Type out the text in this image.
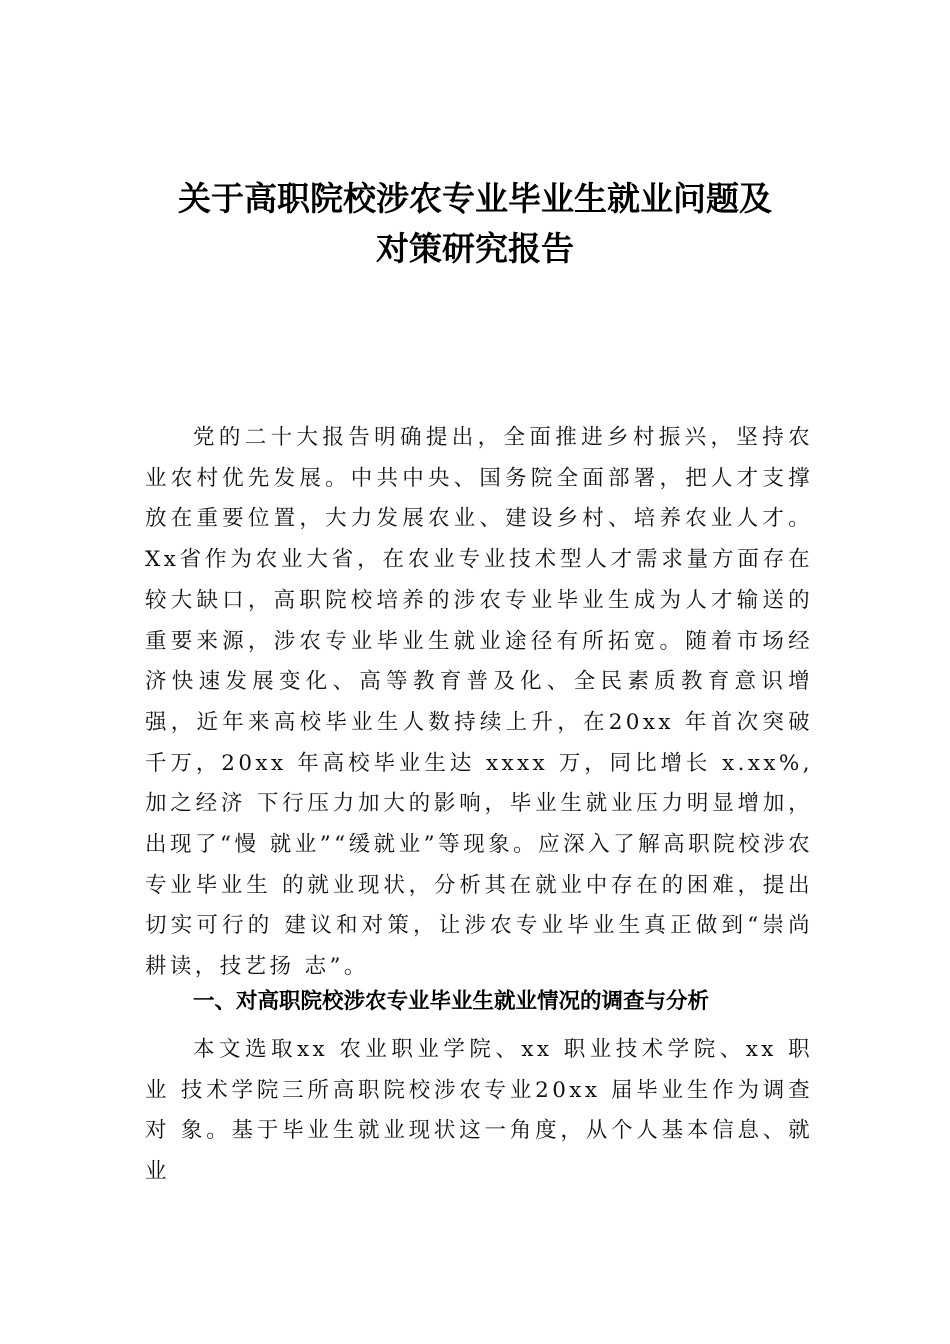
关于高职院校涉农专业毕业生就业问题及
对策研究报告
党的二十大报告明确提出，全面推进乡村振兴，坚持农业农村优先发展。中共中央、国务院全面部署，把人才支撑放在重要位置，大力发展农业、建设乡村、培养农业人才。Xx省作为农业大省，在农业专业技术型人才需求量方面存在较大缺口，高职院校培养的涉农专业毕业生成为人才输送的重要来源，涉农专业毕业生就业途径有所拓宽。随着市场经济快速发展变化、高等教育普及化、全民素质教育意识增强，近年来高校毕业生人数持续上升，在20xx 年首次突破千万，20xx 年高校毕业生达 xxxx 万，同比增长 x.xx%, 加之经济 下行压力加大的影响，毕业生就业压力明显增加，出现了“慢 就业”“缓就业”等现象。应深入了解高职院校涉农专业毕业生 的就业现状，分析其在就业中存在的困难，提出切实可行的 建议和对策，让涉农专业毕业生真正做到“崇尚耕读，技艺扬 志”。
一、对高职院校涉农专业毕业生就业情况的调查与分析
本文选取xx 农业职业学院、xx 职业技术学院、xx 职业 技术学院三所高职院校涉农专业20xx 届毕业生作为调查对 象。基于毕业生就业现状这一角度，从个人基本信息、就业
